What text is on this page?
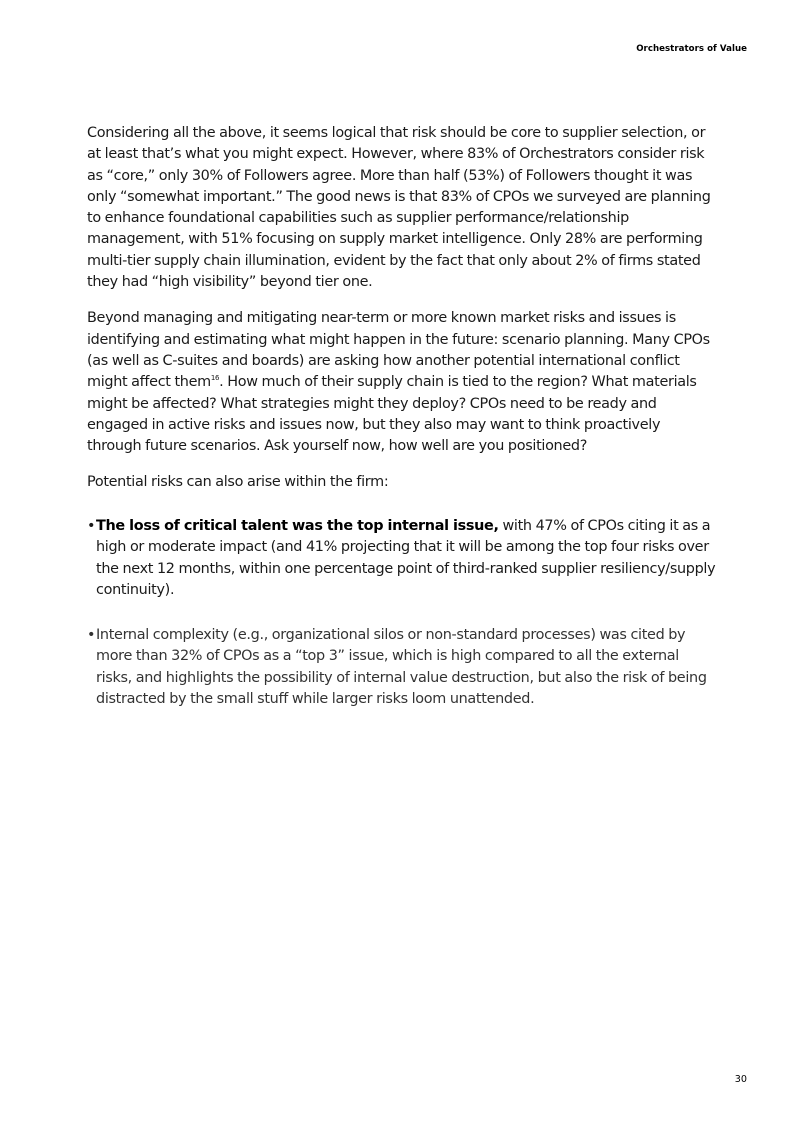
Orchestrators of Value

Considering all the above, it seems logical that risk should be core to supplier selection, or at least that’s what you might expect. However, where 83% of Orchestrators consider risk as “core,” only 30% of Followers agree. More than half (53%) of Followers thought it was only “somewhat important.” The good news is that 83% of CPOs we surveyed are planning to enhance foundational capabilities such as supplier performance/relationship management, with 51% focusing on supply market intelligence. Only 28% are performing multi-tier supply chain illumination, evident by the fact that only about 2% of firms stated they had “high visibility” beyond tier one.

Beyond managing and mitigating near-term or more known market risks and issues is identifying and estimating what might happen in the future: scenario planning. Many CPOs (as well as C-suites and boards) are asking how another potential international conflict might affect them$^{16}$. How much of their supply chain is tied to the region? What materials might be affected? What strategies might they deploy? CPOs need to be ready and engaged in active risks and issues now, but they also may want to think proactively through future scenarios. Ask yourself now, how well are you positioned?

Potential risks can also arise within the firm:

• The loss of critical talent was the top internal issue, with 47% of CPOs citing it as a high or moderate impact (and 41% projecting that it will be among the top four risks over the next 12 months, within one percentage point of third-ranked supplier resiliency/supply continuity).
• Internal complexity (e.g., organizational silos or non-standard processes) was cited by more than 32% of CPOs as a “top 3” issue, which is high compared to all the external risks, and highlights the possibility of internal value destruction, but also the risk of being distracted by the small stuff while larger risks loom unattended.
30
